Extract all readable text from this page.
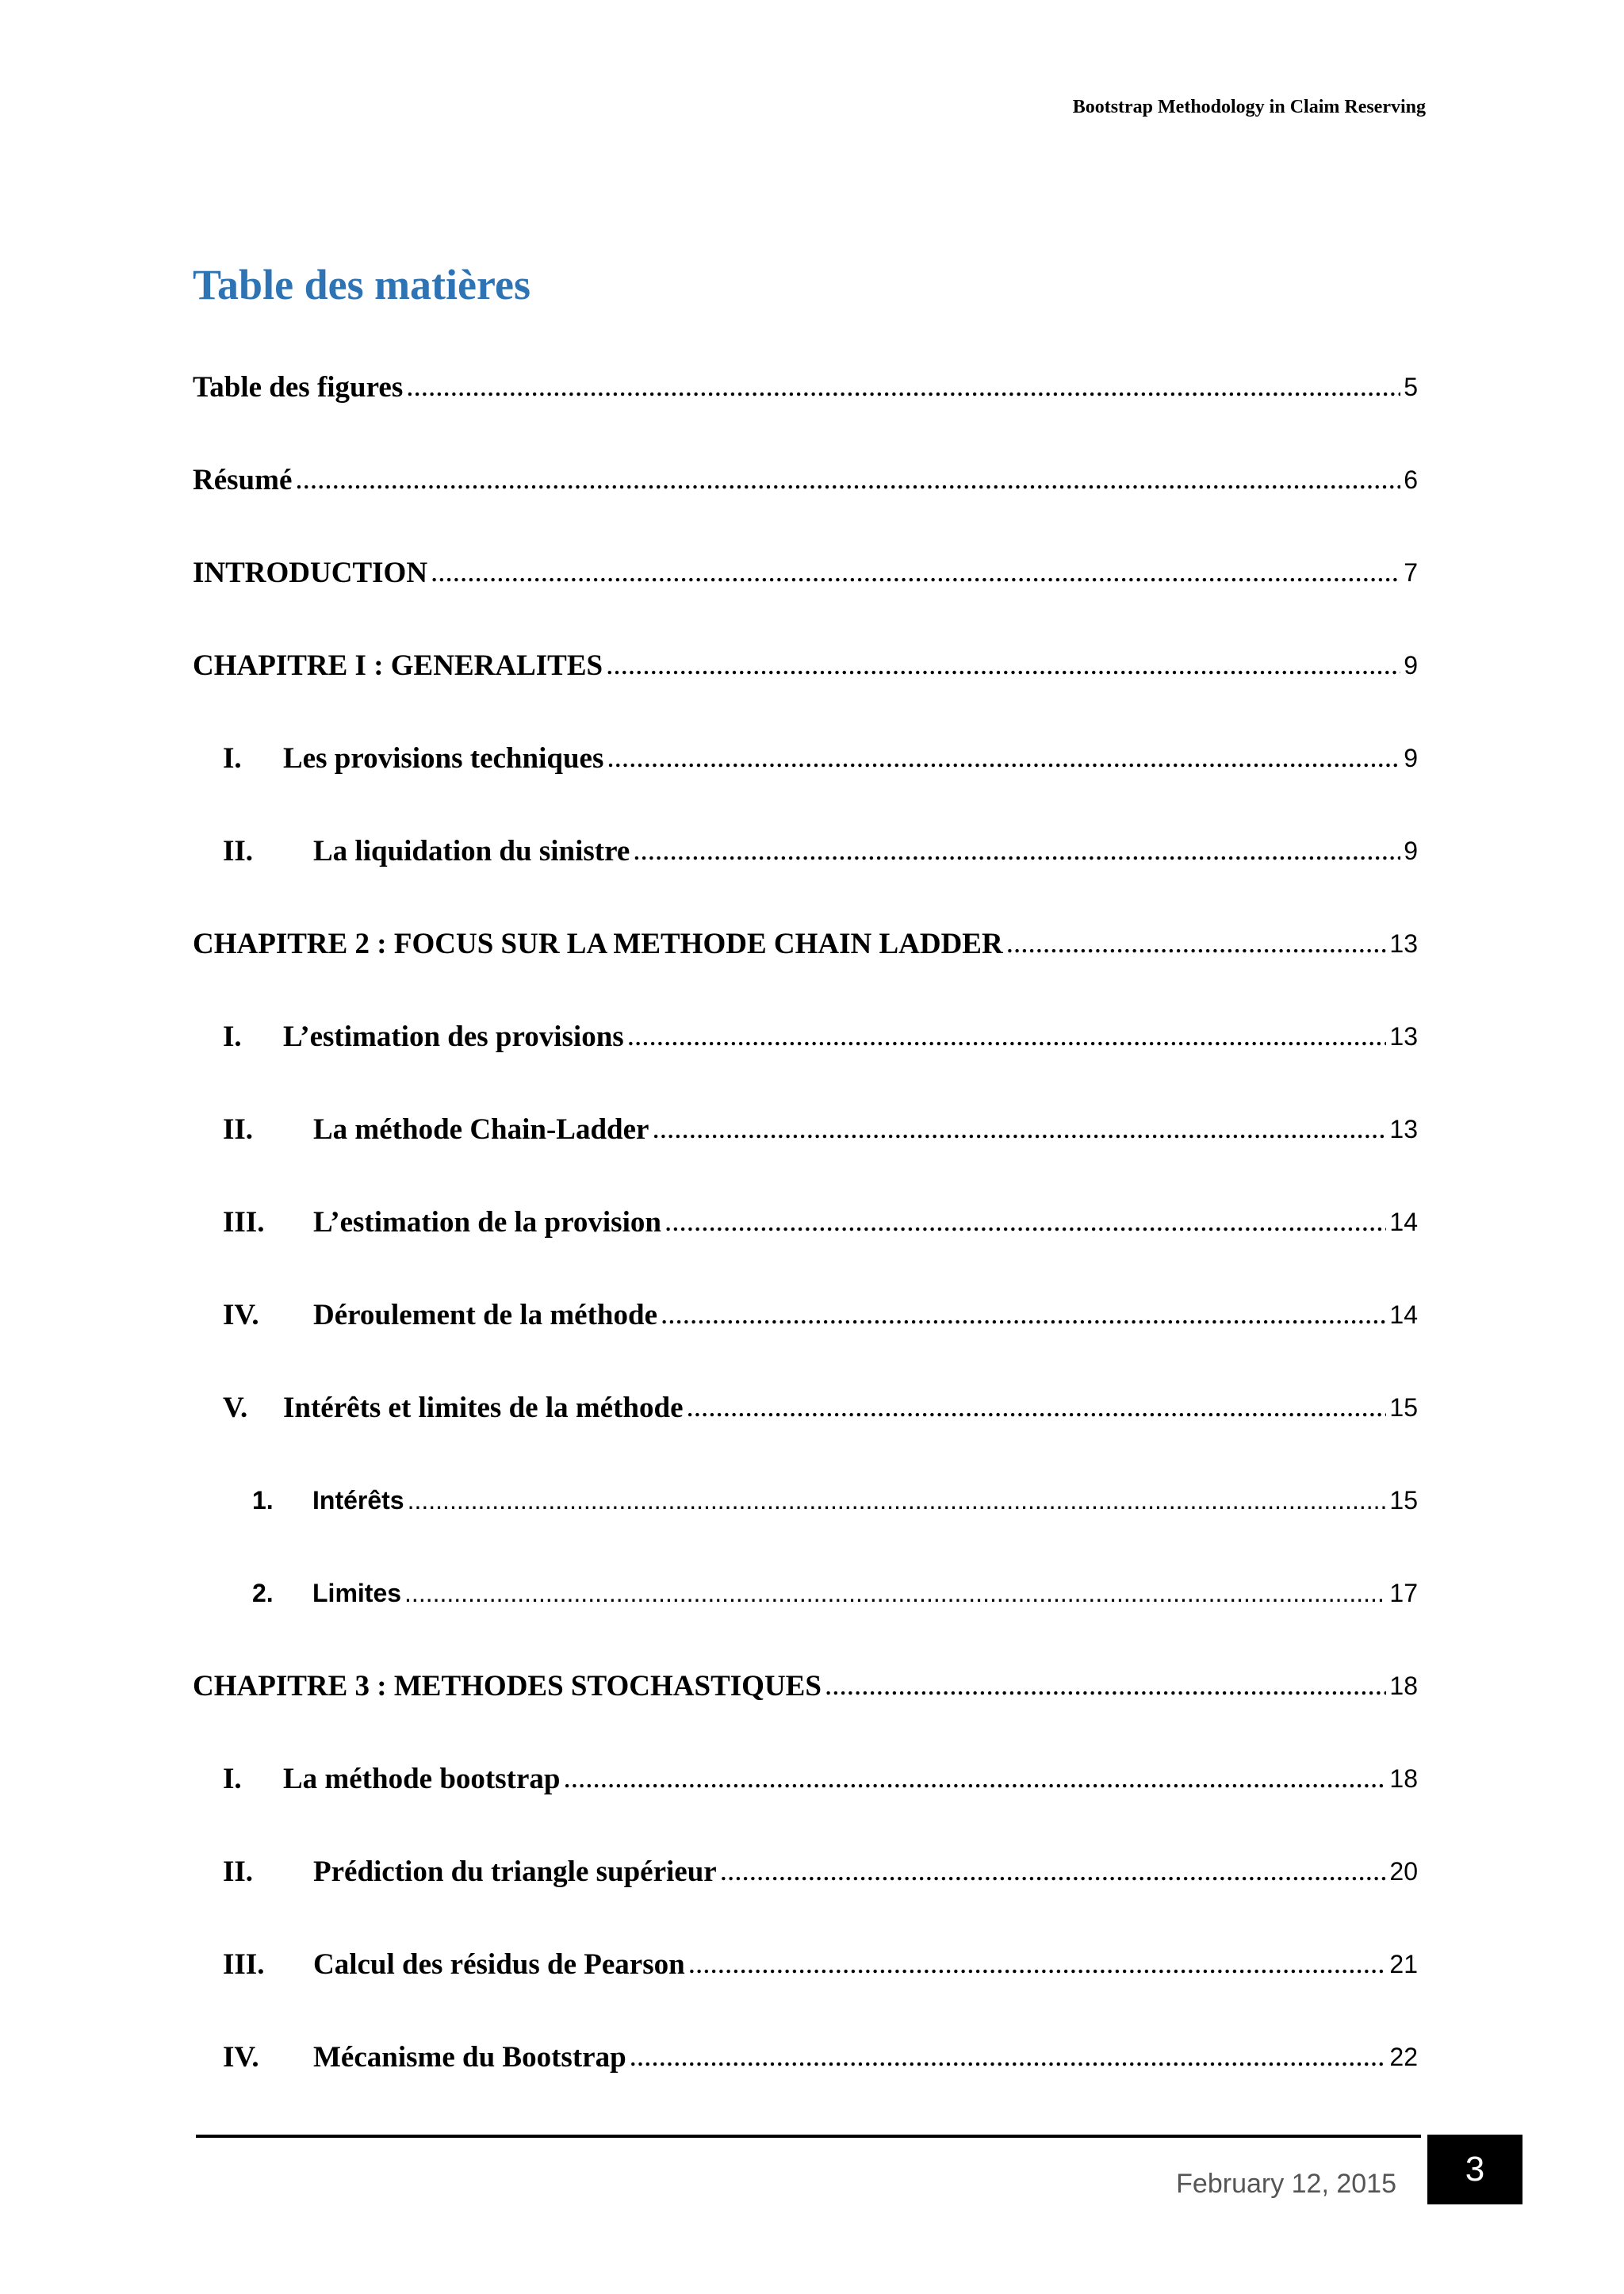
Bootstrap Methodology in Claim Reserving
Table des matières
Table des figures .....	5
Résumé .....	6
INTRODUCTION .....	7
CHAPITRE I : GENERALITES .....	9
I.	Les provisions techniques .....	9
II.	La liquidation du sinistre .....	9
CHAPITRE 2 : FOCUS SUR LA METHODE CHAIN LADDER .....	13
I.	L’estimation des provisions .....	13
II.	La méthode Chain-Ladder .....	13
III.	L’estimation de la provision .....	14
IV.	Déroulement de la méthode .....	14
V.	Intérêts et limites de la méthode .....	15
1.	Intérêts .....	15
2.	Limites .....	17
CHAPITRE 3 : METHODES STOCHASTIQUES .....	18
I.	La méthode bootstrap .....	18
II.	Prédiction du triangle supérieur .....	20
III.	Calcul des résidus de Pearson .....	21
IV.	Mécanisme du Bootstrap .....	22
February 12, 2015 3
